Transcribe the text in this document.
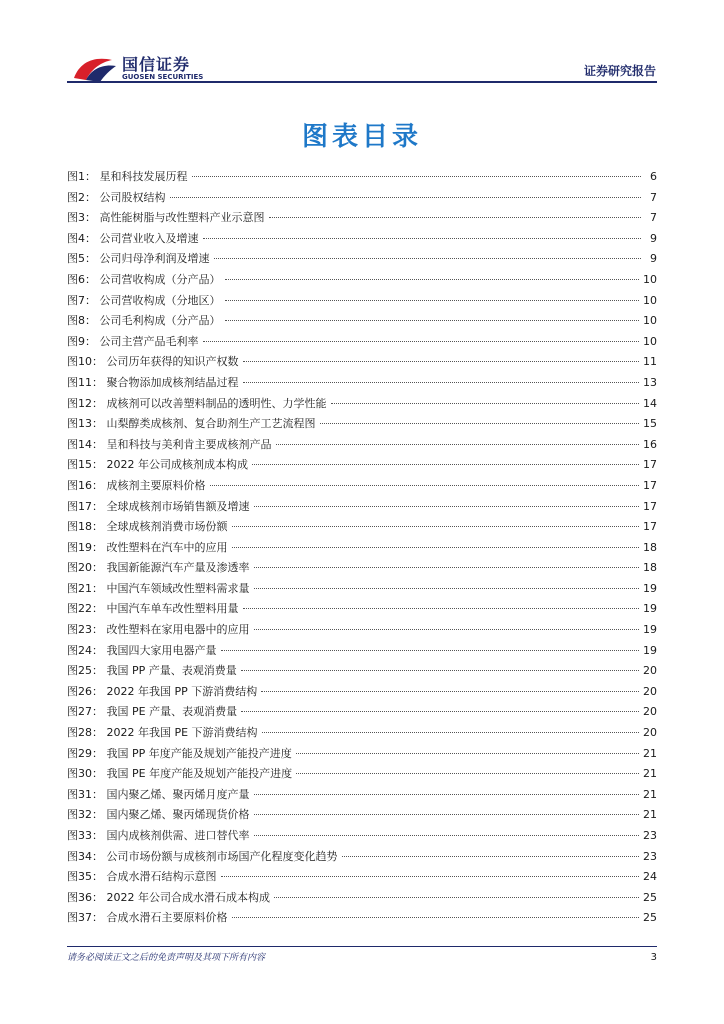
国信证券
GUOSEN SECURITIES	证券研究报告
图表目录
图1： 星和科技发展历程	6
图2： 公司股权结构	7
图3： 高性能树脂与改性塑料产业示意图	7
图4： 公司营业收入及增速	9
图5： 公司归母净利润及增速	9
图6： 公司营收构成（分产品）	10
图7： 公司营收构成（分地区）	10
图8： 公司毛利构成（分产品）	10
图9： 公司主营产品毛利率	10
图10： 公司历年获得的知识产权数	11
图11： 聚合物添加成核剂结晶过程	13
图12： 成核剂可以改善塑料制品的透明性、力学性能	14
图13： 山梨醇类成核剂、复合助剂生产工艺流程图	15
图14： 呈和科技与美利肯主要成核剂产品	16
图15： 2022 年公司成核剂成本构成	17
图16： 成核剂主要原料价格	17
图17： 全球成核剂市场销售额及增速	17
图18： 全球成核剂消费市场份额	17
图19： 改性塑料在汽车中的应用	18
图20： 我国新能源汽车产量及渗透率	18
图21： 中国汽车领域改性塑料需求量	19
图22： 中国汽车单车改性塑料用量	19
图23： 改性塑料在家用电器中的应用	19
图24： 我国四大家用电器产量	19
图25： 我国 PP 产量、表观消费量	20
图26： 2022 年我国 PP 下游消费结构	20
图27： 我国 PE 产量、表观消费量	20
图28： 2022 年我国 PE 下游消费结构	20
图29： 我国 PP 年度产能及规划产能投产进度	21
图30： 我国 PE 年度产能及规划产能投产进度	21
图31： 国内聚乙烯、聚丙烯月度产量	21
图32： 国内聚乙烯、聚丙烯现货价格	21
图33： 国内成核剂供需、进口替代率	23
图34： 公司市场份额与成核剂市场国产化程度变化趋势	23
图35： 合成水滑石结构示意图	24
图36： 2022 年公司合成水滑石成本构成	25
图37： 合成水滑石主要原料价格	25
请务必阅读正文之后的免责声明及其项下所有内容	3
